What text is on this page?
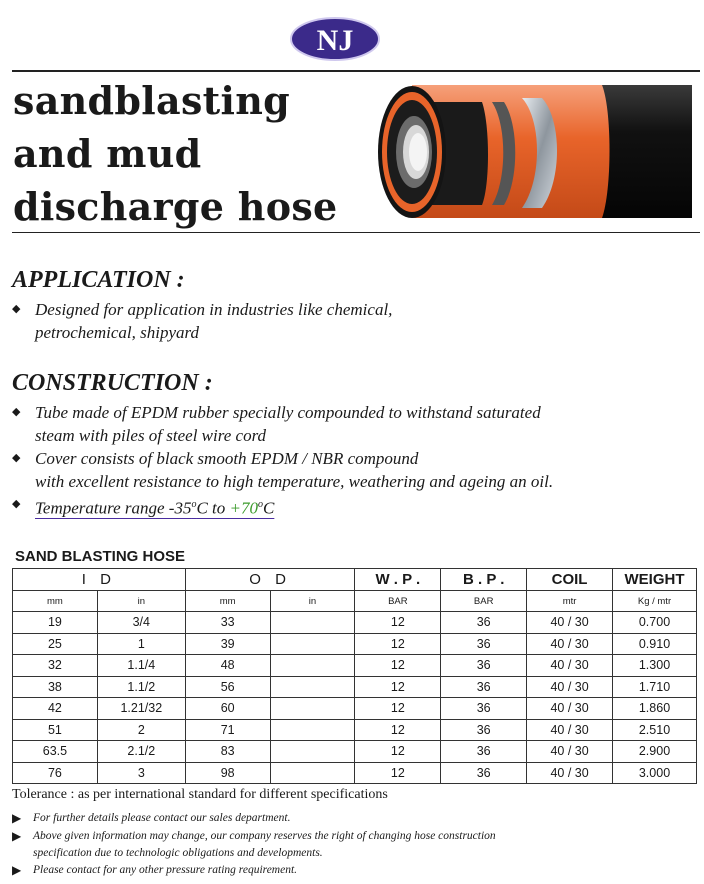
NJ
sandblasting
and mud
discharge hose
APPLICATION :
◆ Designed for application in industries like chemical,
petrochemical, shipyard
CONSTRUCTION :
◆ Tube made of EPDM rubber specially compounded to withstand saturated
steam with piles of steel wire cord
◆ Cover consists of black smooth EPDM / NBR compound
with excellent resistance to high temperature, weathering and ageing an oil.
◆ Temperature range -35$^o$C to $+70^oC$
SAND BLASTING HOSE
I D		O D		W . P .	B . P .	COIL	WEIGHT
mm	in	mm	in	BAR	BAR	mtr	Kg / mtr
19	3/4	33		12	36	40 / 30	0.700
25	1	39		12	36	40 / 30	0.910
32	1.1/4	48		12	36	40 / 30	1.300
38	1.1/2	56		12	36	40 / 30	1.710
42	1.21/32	60		12	36	40 / 30	1.860
51	2	71		12	36	40 / 30	2.510
63.5	2.1/2	83		12	36	40 / 30	2.900
76	3	98		12	36	40 / 30	3.000
Tolerance : as per international standard for different specifications
▶ For further details please contact our sales department.
▶ Above given information may change, our company reserves the right of changing hose construction
specification due to technologic obligations and developments.
▶ Please contact for any other pressure rating requirement.
